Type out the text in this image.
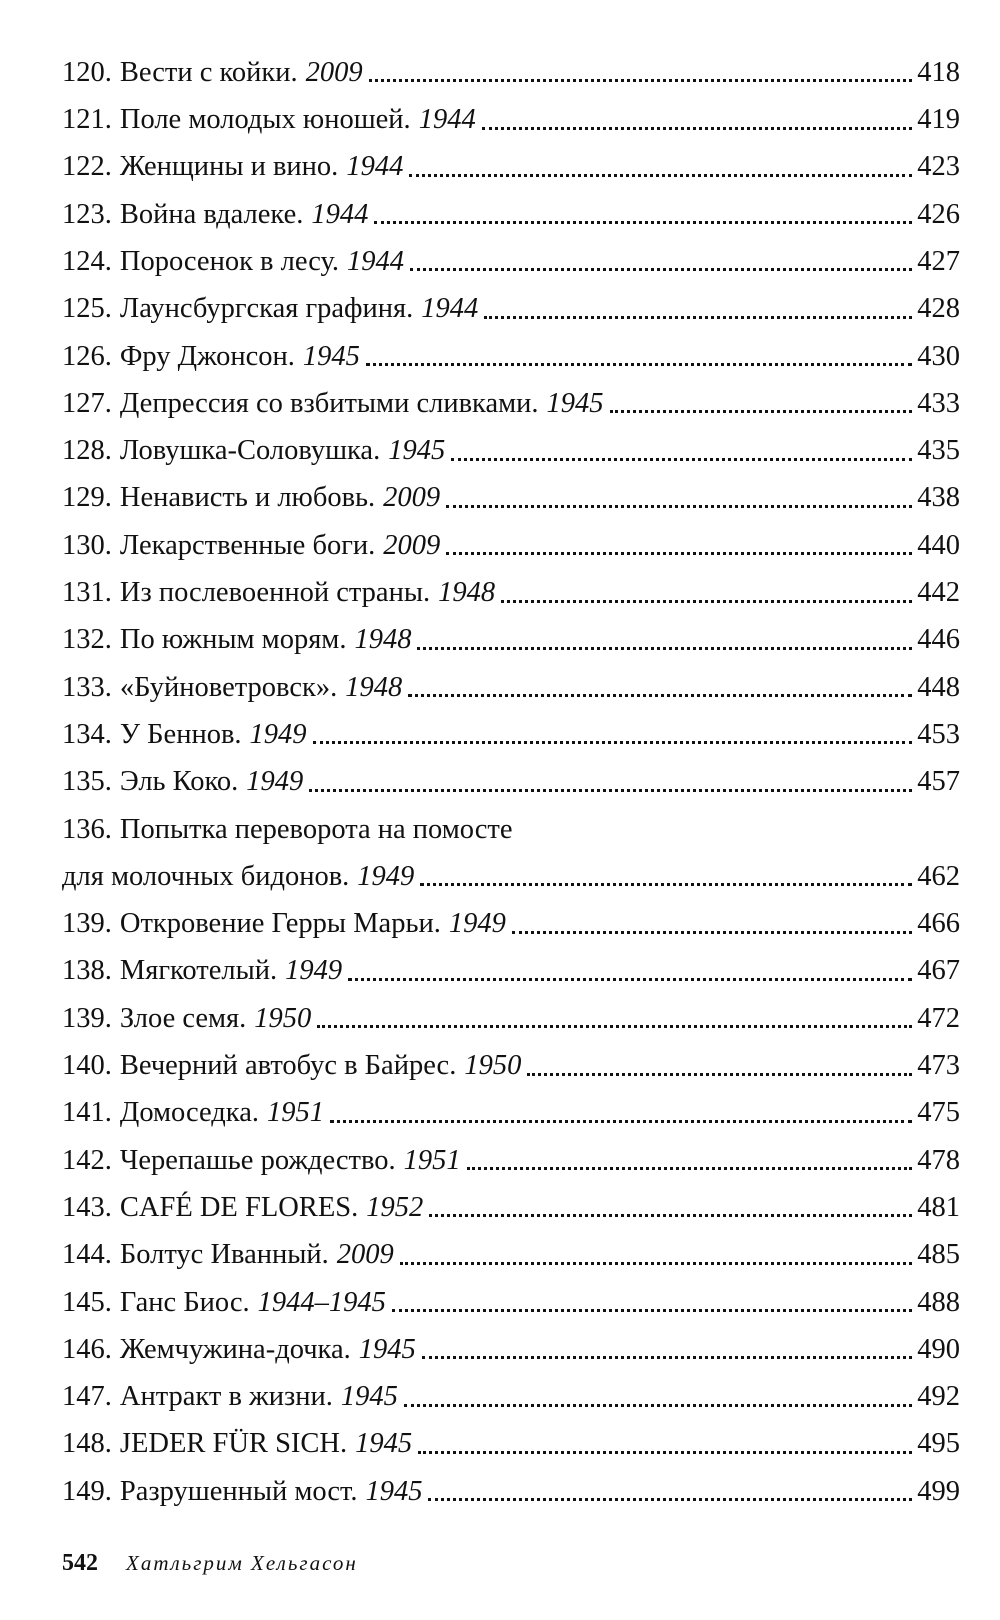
120. Вести с койки. 2009	418
121. Поле молодых юношей. 1944	419
122. Женщины и вино. 1944	423
123. Война вдалеке. 1944	426
124. Поросенок в лесу. 1944	427
125. Лаунсбургская графиня. 1944	428
126. Фру Джонсон. 1945	430
127. Депрессия со взбитыми сливками. 1945	433
128. Ловушка-Соловушка. 1945	435
129. Ненависть и любовь. 2009	438
130. Лекарственные боги. 2009	440
131. Из послевоенной страны. 1948	442
132. По южным морям. 1948	446
133. «Буйноветровск». 1948	448
134. У Беннов. 1949	453
135. Эль Коко. 1949	457
136. Попытка переворота на помосте
для молочных бидонов. 1949	462
139. Откровение Герры Марьи. 1949	466
138. Мягкотелый. 1949	467
139. Злое семя. 1950	472
140. Вечерний автобус в Байрес. 1950	473
141. Домоседка. 1951	475
142. Черепашье рождество. 1951	478
143. CAFÉ DE FLORES. 1952	481
144. Болтус Иванный. 2009	485
145. Ганс Биос. 1944–1945	488
146. Жемчужина-дочка. 1945	490
147. Антракт в жизни. 1945	492
148. JEDER FÜR SICH. 1945	495
149. Разрушенный мост. 1945	499
542 Хатльгрим Хельгасон
